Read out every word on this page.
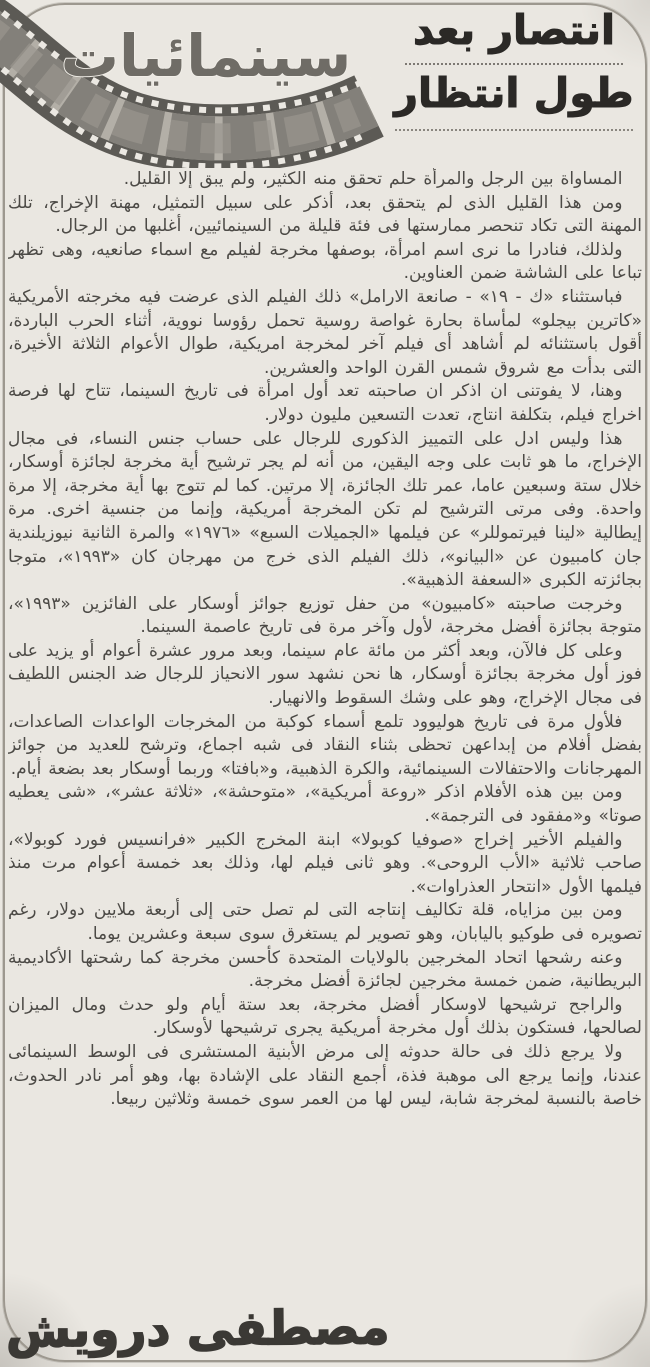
سينمائيات	انتصار بعد
طول انتظار

المساواة بين الرجل والمرأة حلم تحقق منه الكثير، ولم يبق إلا القليل.

ومن هذا القليل الذى لم يتحقق بعد، أذكر على سبيل التمثيل، مهنة الإخراج، تلك المهنة التى تكاد تنحصر ممارستها فى فئة قليلة من السينمائيين، أغلبها من الرجال.

ولذلك، فنادرا ما نرى اسم امرأة، بوصفها مخرجة لفيلم مع اسماء صانعيه، وهى تظهر تباعا على الشاشة ضمن العناوين.

فباستثناء «ك - ١٩» - صانعة الارامل» ذلك الفيلم الذى عرضت فيه مخرجته الأمريكية «كاترين بيجلو» لمأساة بحارة غواصة روسية تحمل رؤوسا نووية، أثناء الحرب الباردة، أقول باستثنائه لم أشاهد أى فيلم آخر لمخرجة امريكية، طوال الأعوام الثلاثة الأخيرة، التى بدأت مع شروق شمس القرن الواحد والعشرين.

وهنا، لا يفوتنى ان اذكر ان صاحبته تعد أول امرأة فى تاريخ السينما، تتاح لها فرصة اخراج فيلم، بتكلفة انتاج، تعدت التسعين مليون دولار.

هذا وليس ادل على التمييز الذكورى للرجال على حساب جنس النساء، فى مجال الإخراج، ما هو ثابت على وجه اليقين، من أنه لم يجر ترشيح أية مخرجة لجائزة أوسكار، خلال ستة وسبعين عاما، عمر تلك الجائزة، إلا مرتين. كما لم تتوج بها أية مخرجة، إلا مرة واحدة. وفى مرتى الترشيح لم تكن المخرجة أمريكية، وإنما من جنسية اخرى. مرة إيطالية «لينا فيرتموللر» عن فيلمها «الجميلات السبع» «١٩٧٦» والمرة الثانية نيوزيلندية جان كامبيون عن «البيانو»، ذلك الفيلم الذى خرج من مهرجان كان «١٩٩٣»، متوجا بجائزته الكبرى «السعفة الذهبية».

وخرجت صاحبته «كامبيون» من حفل توزيع جوائز أوسكار على الفائزين «١٩٩٣»، متوجة بجائزة أفضل مخرجة، لأول وآخر مرة فى تاريخ عاصمة السينما.

وعلى كل فالآن، وبعد أكثر من مائة عام سينما، وبعد مرور عشرة أعوام أو يزيد على فوز أول مخرجة بجائزة أوسكار، ها نحن نشهد سور الانحياز للرجال ضد الجنس اللطيف فى مجال الإخراج، وهو على وشك السقوط والانهيار.

فلأول مرة فى تاريخ هوليوود تلمع أسماء كوكبة من المخرجات الواعدات الصاعدات، بفضل أفلام من إبداعهن تحظى بثناء النقاد فى شبه اجماع، وترشح للعديد من جوائز المهرجانات والاحتفالات السينمائية، والكرة الذهبية، و«بافتا» وربما أوسكار بعد بضعة أيام.

ومن بين هذه الأفلام اذكر «روعة أمريكية»، «متوحشة»، «ثلاثة عشر»، «شى يعطيه صوتا» و«مفقود فى الترجمة».

والفيلم الأخير إخراج «صوفيا كوبولا» ابنة المخرج الكبير «فرانسيس فورد كوبولا»، صاحب ثلاثية «الأب الروحى». وهو ثانى فيلم لها، وذلك بعد خمسة أعوام مرت منذ فيلمها الأول «انتحار العذراوات».

ومن بين مزاياه، قلة تكاليف إنتاجه التى لم تصل حتى إلى أربعة ملايين دولار، رغم تصويره فى طوكيو باليابان، وهو تصوير لم يستغرق سوى سبعة وعشرين يوما.

وعنه رشحها اتحاد المخرجين بالولايات المتحدة كأحسن مخرجة كما رشحتها الأكاديمية البريطانية، ضمن خمسة مخرجين لجائزة أفضل مخرجة.

والراجح ترشيحها لاوسكار أفضل مخرجة، بعد ستة أيام ولو حدث ومال الميزان لصالحها، فستكون بذلك أول مخرجة أمريكية يجرى ترشيحها لأوسكار.

ولا يرجع ذلك فى حالة حدوثه إلى مرض الأبنية المستشرى فى الوسط السينمائى عندنا، وإنما يرجع الى موهبة فذة، أجمع النقاد على الإشادة بها، وهو أمر نادر الحدوث، خاصة بالنسبة لمخرجة شابة، ليس لها من العمر سوى خمسة وثلاثين ربيعا.

مصطفى درويش
